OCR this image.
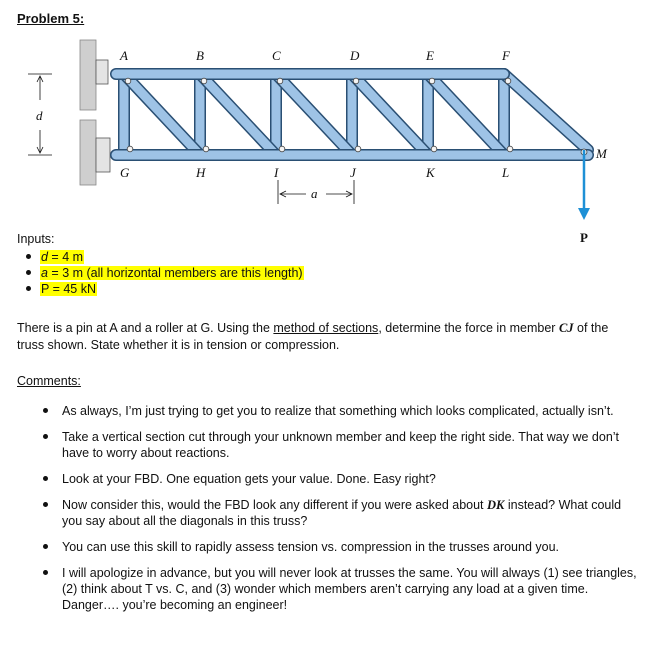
Problem 5:
d
A	B	C	D	E	F
G	H	I	J	K	L
M
a
P
Inputs:
d = 4 m
a = 3 m (all horizontal members are this length)
P = 45 kN
There is a pin at A and a roller at G. Using the method of sections, determine the force in member CJ of the truss shown. State whether it is in tension or compression.
Comments:
As always, I’m just trying to get you to realize that something which looks complicated, actually isn’t.
Take a vertical section cut through your unknown member and keep the right side. That way we don’t have to worry about reactions.
Look at your FBD. One equation gets your value. Done. Easy right?
Now consider this, would the FBD look any different if you were asked about DK instead? What could you say about all the diagonals in this truss?
You can use this skill to rapidly assess tension vs. compression in the trusses around you.
I will apologize in advance, but you will never look at trusses the same. You will always (1) see triangles, (2) think about T vs. C, and (3) wonder which members aren’t carrying any load at a given time. Danger…. you’re becoming an engineer!
